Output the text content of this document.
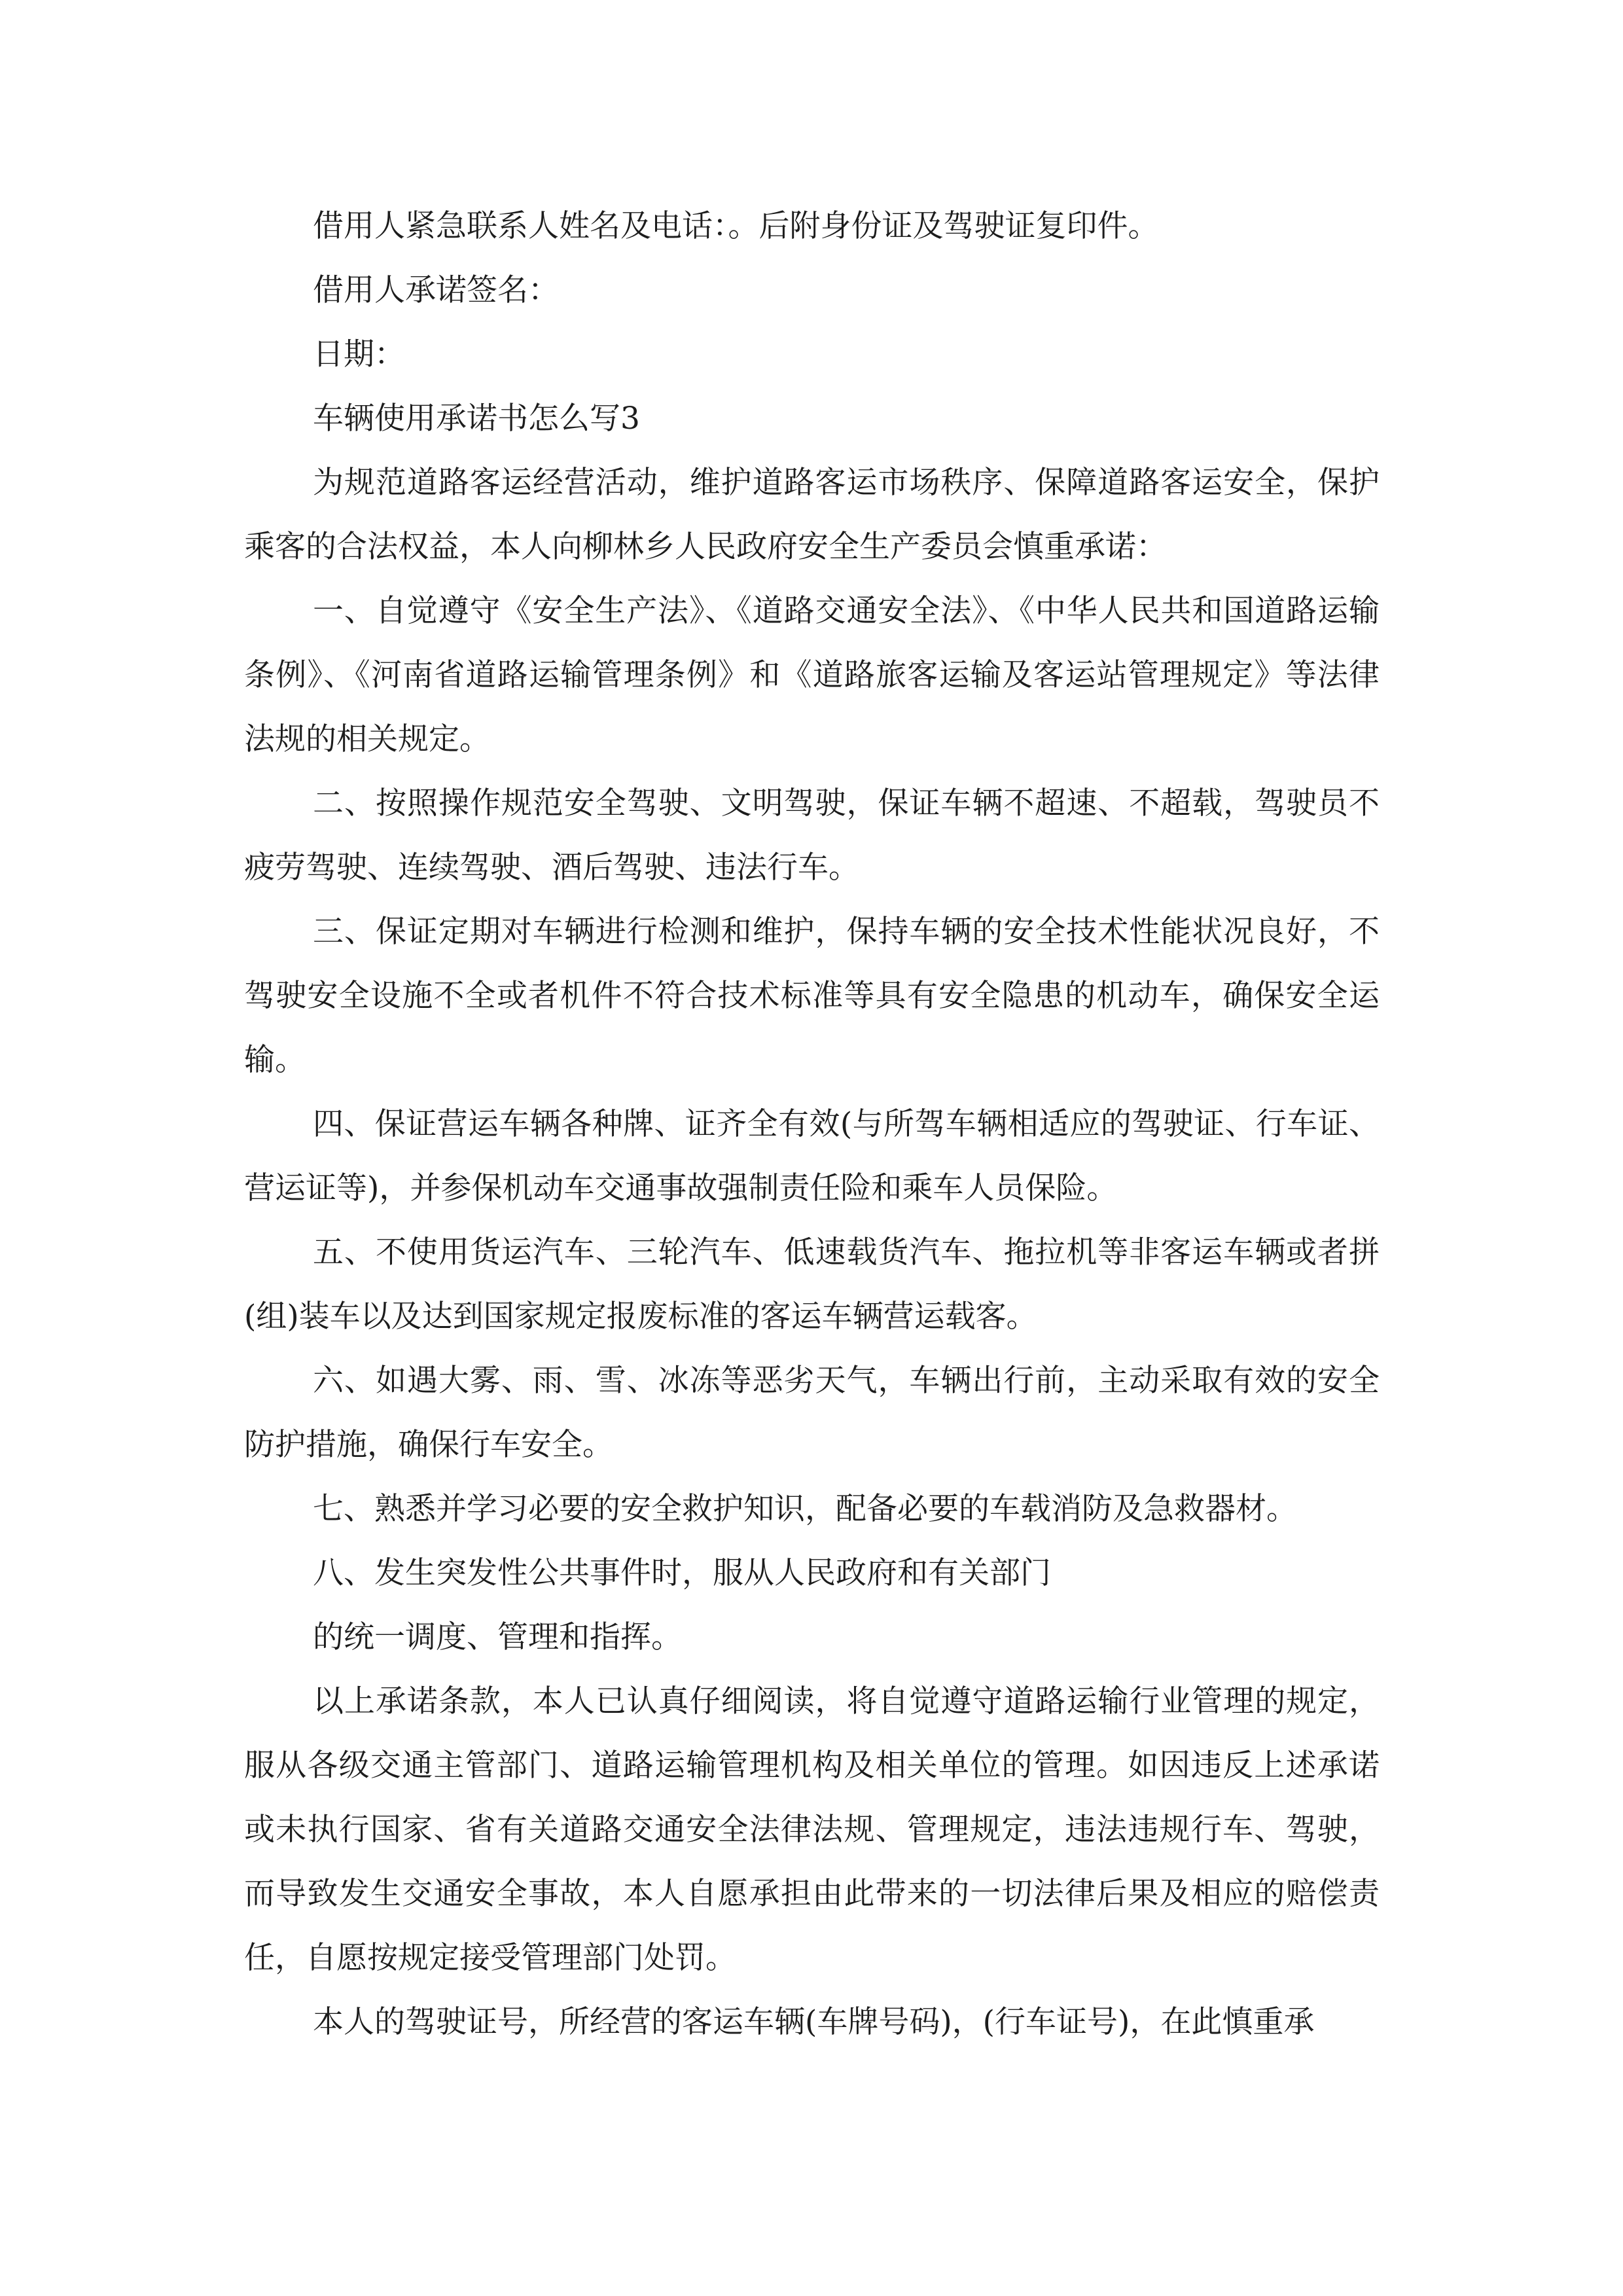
借用人紧急联系人姓名及电话：。后附身份证及驾驶证复印件。

借用人承诺签名：

日期：

车辆使用承诺书怎么写3

为规范道路客运经营活动，维护道路客运市场秩序、保障道路客运安全，保护乘客的合法权益，本人向柳林乡人民政府安全生产委员会慎重承诺：

一、自觉遵守《安全生产法》、《道路交通安全法》、《中华人民共和国道路运输条例》、《河南省道路运输管理条例》和《道路旅客运输及客运站管理规定》等法律法规的相关规定。

二、按照操作规范安全驾驶、文明驾驶，保证车辆不超速、不超载，驾驶员不疲劳驾驶、连续驾驶、酒后驾驶、违法行车。

三、保证定期对车辆进行检测和维护，保持车辆的安全技术性能状况良好，不驾驶安全设施不全或者机件不符合技术标准等具有安全隐患的机动车，确保安全运输。

四、保证营运车辆各种牌、证齐全有效(与所驾车辆相适应的驾驶证、行车证、营运证等)，并参保机动车交通事故强制责任险和乘车人员保险。

五、不使用货运汽车、三轮汽车、低速载货汽车、拖拉机等非客运车辆或者拼(组)装车以及达到国家规定报废标准的客运车辆营运载客。

六、如遇大雾、雨、雪、冰冻等恶劣天气，车辆出行前，主动采取有效的安全防护措施，确保行车安全。

七、熟悉并学习必要的安全救护知识，配备必要的车载消防及急救器材。

八、发生突发性公共事件时，服从人民政府和有关部门

的统一调度、管理和指挥。

以上承诺条款，本人已认真仔细阅读，将自觉遵守道路运输行业管理的规定，服从各级交通主管部门、道路运输管理机构及相关单位的管理。如因违反上述承诺或未执行国家、省有关道路交通安全法律法规、管理规定，违法违规行车、驾驶，而导致发生交通安全事故，本人自愿承担由此带来的一切法律后果及相应的赔偿责任，自愿按规定接受管理部门处罚。

本人的驾驶证号，所经营的客运车辆(车牌号码)，(行车证号)，在此慎重承
